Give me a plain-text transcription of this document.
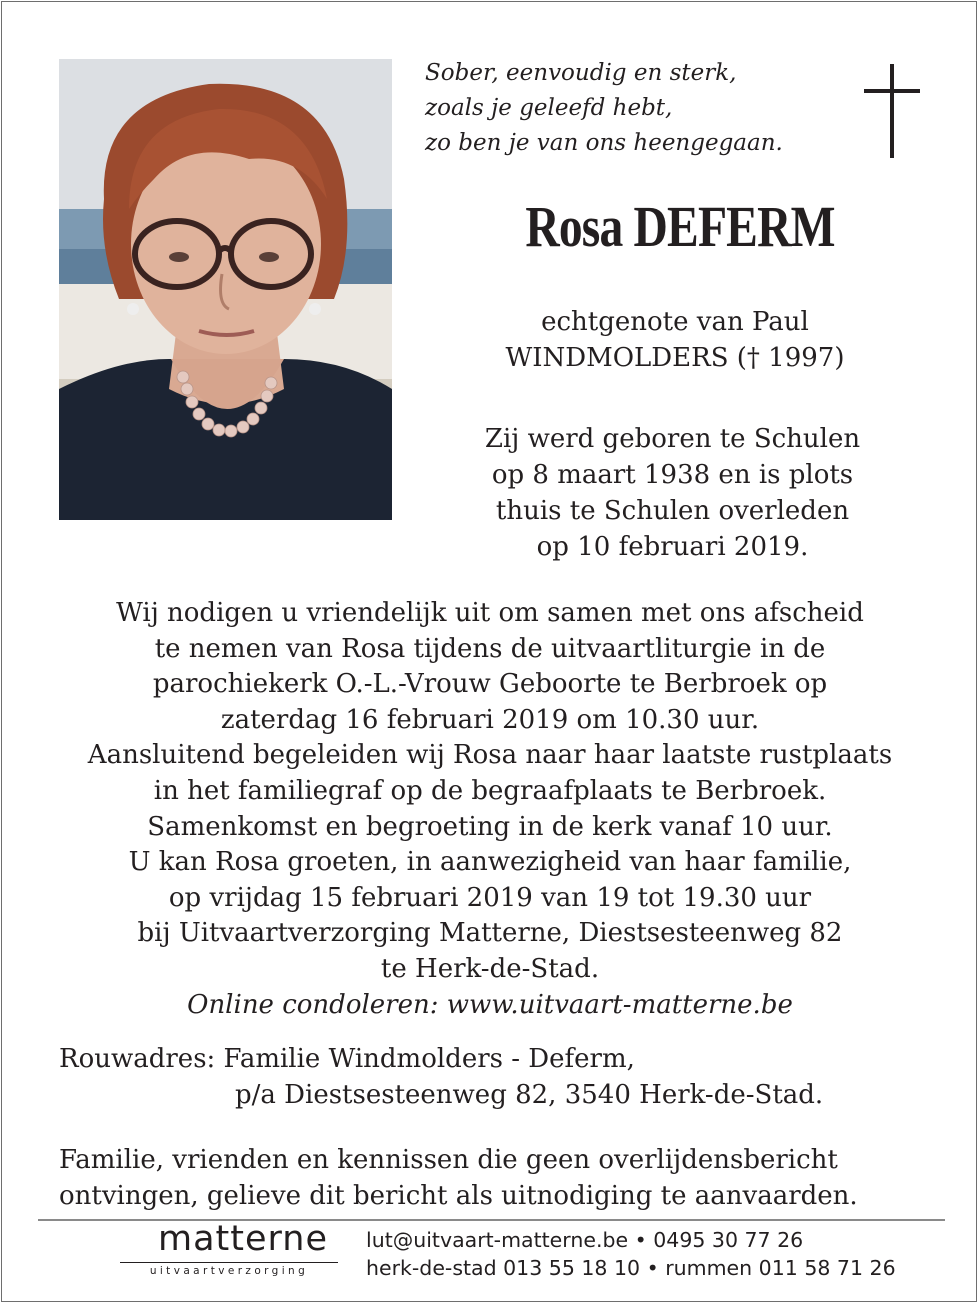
Sober, eenvoudig en sterk,
zoals je geleefd hebt,
zo ben je van ons heengegaan.
Rosa DEFERM
echtgenote van Paul
WINDMOLDERS († 1997)
Zij werd geboren te Schulen
op 8 maart 1938 en is plots
thuis te Schulen overleden
op 10 februari 2019.
Wij nodigen u vriendelijk uit om samen met ons afscheid
te nemen van Rosa tijdens de uitvaartliturgie in de
parochiekerk O.-L.-Vrouw Geboorte te Berbroek op
zaterdag 16 februari 2019 om 10.30 uur.
Aansluitend begeleiden wij Rosa naar haar laatste rustplaats
in het familiegraf op de begraafplaats te Berbroek.
Samenkomst en begroeting in de kerk vanaf 10 uur.
U kan Rosa groeten, in aanwezigheid van haar familie,
op vrijdag 15 februari 2019 van 19 tot 19.30 uur
bij Uitvaartverzorging Matterne, Diestsesteenweg 82
te Herk-de-Stad.
Online condoleren: www.uitvaart-matterne.be
Rouwadres: Familie Windmolders - Deferm,
p/a Diestsesteenweg 82, 3540 Herk-de-Stad.
Familie, vrienden en kennissen die geen overlijdensbericht
ontvingen, gelieve dit bericht als uitnodiging te aanvaarden.
matterne
uitvaartverzorging
lut@uitvaart-matterne.be • 0495 30 77 26
herk-de-stad 013 55 18 10 • rummen 011 58 71 26
